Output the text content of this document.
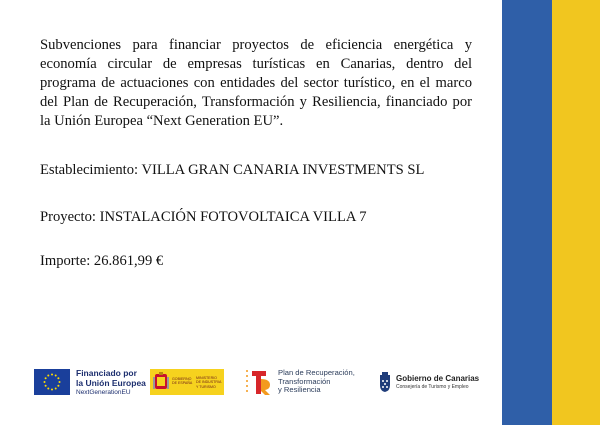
Subvenciones para financiar proyectos de eficiencia energética y economía circular de empresas turísticas en Canarias, dentro del programa de actuaciones con entidades del sector turístico, en el marco del Plan de Recuperación, Transformación y Resiliencia, financiado por la Unión Europea “Next Generation EU”.

Establecimiento: VILLA GRAN CANARIA INVESTMENTS SL
Proyecto: INSTALACIÓN FOTOVOLTAICA VILLA 7
Importe: 26.861,99 €
Financiado por
la Unión Europea
NextGenerationEU
GOBIERNO DE ESPAÑA
MINISTERIO DE INDUSTRIA Y TURISMO
Plan de Recuperación,
Transformación
y Resiliencia
Gobierno de Canarias
Consejería de Turismo y Empleo
